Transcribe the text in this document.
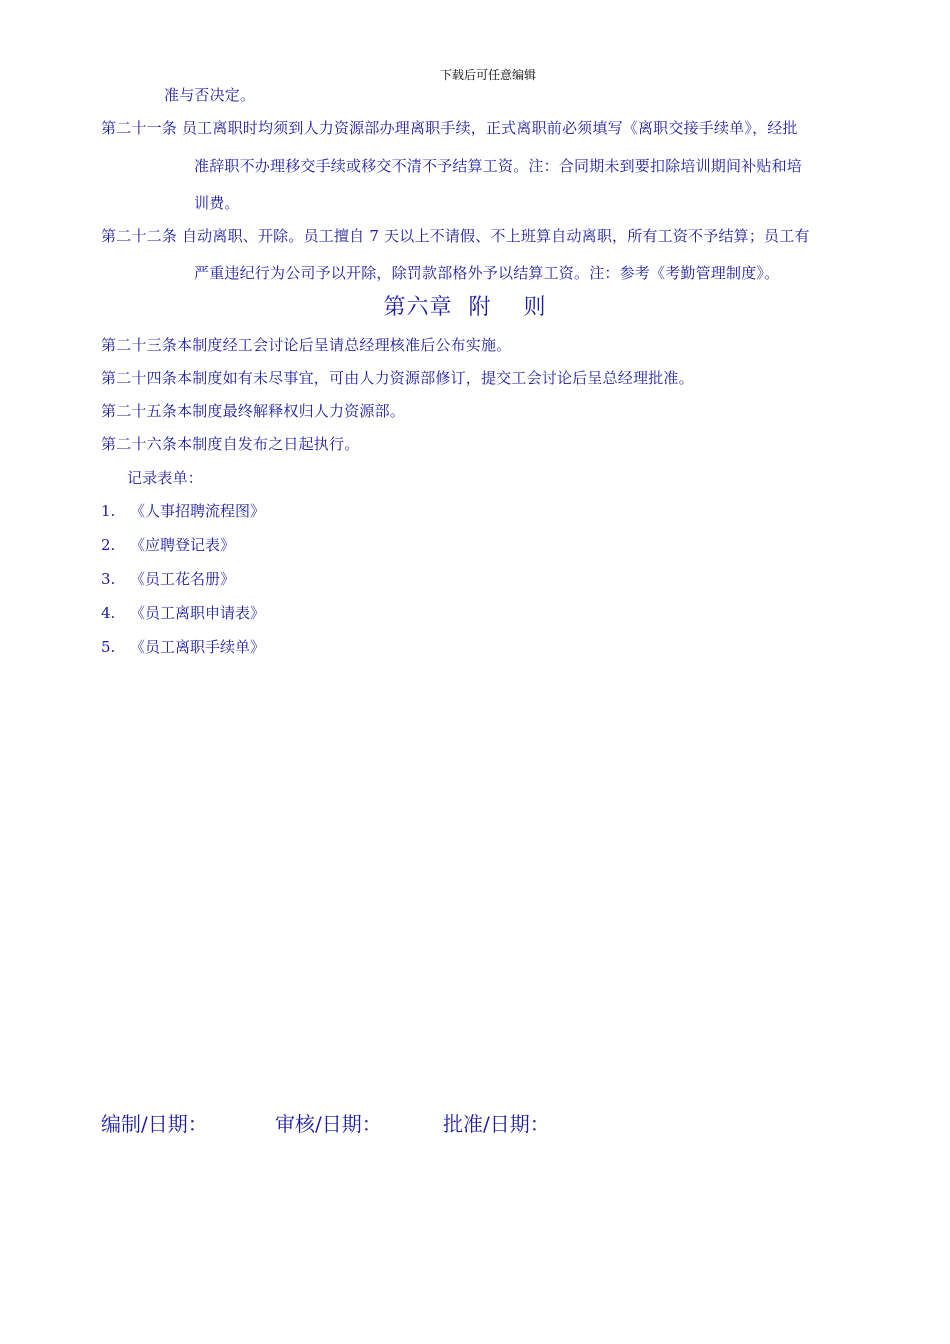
下载后可任意编辑
准与否决定。
第二十一条 员工离职时均须到人力资源部办理离职手续，正式离职前必须填写《离职交接手续单》，经批
准辞职不办理移交手续或移交不清不予结算工资。注：合同期未到要扣除培训期间补贴和培
训费。
第二十二条 自动离职、开除。员工擅自 7 天以上不请假、不上班算自动离职，所有工资不予结算；员工有
严重违纪行为公司予以开除，除罚款部格外予以结算工资。注：参考《考勤管理制度》。
第六章  附    则
第二十三条本制度经工会讨论后呈请总经理核准后公布实施。
第二十四条本制度如有未尽事宜，可由人力资源部修订，提交工会讨论后呈总经理批准。
第二十五条本制度最终解释权归人力资源部。
第二十六条本制度自发布之日起执行。
记录表单：
1. 《人事招聘流程图》
2. 《应聘登记表》
3. 《员工花名册》
4. 《员工离职申请表》
5. 《员工离职手续单》
编制/日期：	审核/日期：	批准/日期：
